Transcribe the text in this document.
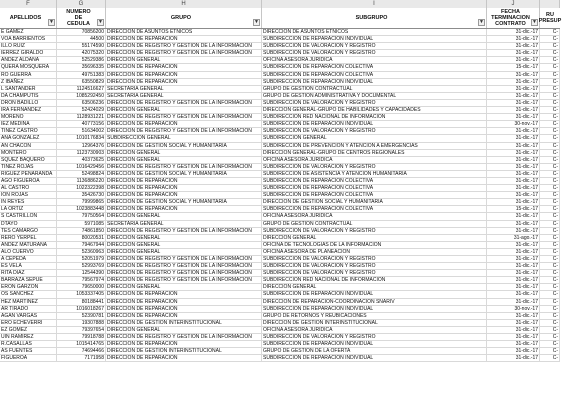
F	G	H	I	J
APELLIDOS
▼
NUMERO
DE
CEDULA	▼
GRUPO
▼
SUBGRUPO
▼
FECHA
TERMINACION
CONTRATO	▼
RU
PRESUP
E GAMEZ	70856200 DIRECCION DE ASUNTOS ETNICOS	DIRECCION DE ASUNTOS ETNICOS	31-dic.-17	C-
VOA BARRIENTOS	44500 DIRECCION DE REPARACION	SUBDIRECCION DE REPARACION INDIVIDUAL	31-dic.-17	C-
ILLO RUIZ	55174590 DIRECCION DE REGISTRO Y GESTION DE LA INFORMACION	SUBDIRECCION DE VALORACION Y REGISTRO	31-dic.-17	C-
IERREZ GIRALDO	42075320 DIRECCION DE REGISTRO Y GESTION DE LA INFORMACION	SUBDIRECCION DE VALORACION Y REGISTRO	31-dic.-17	C-
ANDEZ ALDANA	52529386 DIRECCION GENERAL	OFICINA ASESORA JURIDICA	31-dic.-17	C-
QUERA MOSQUERA	35696335 DIRECCION DE REPARACION	SUBDIRECCION DE REPARACION COLECTIVA	15-dic.-17	C-
RO GUERRA	49751383 DIRECCION DE REPARACION	SUBDIRECCION DE REPARACION COLECTIVA	31-dic.-17	C-
Z IBAÑEZ	63550829 DIRECCION DE REPARACION	SUBDIRECCION DE REPARACION INDIVIDUAL	31-dic.-17	C-
L SANTANDER	1124516627 SECRETARIA GENERAL	GRUPO DE GESTION CONTRACTUAL	31-dic.-17	C-
DA CHAMPUTIS	1085292450 SECRETARIA GENERAL	GRUPO DE GESTION ADMINISTRATIVA Y DOCUMENTAL	31-dic.-17	C-
DRON BADILLO	63506236 DIRECCION DE REGISTRO Y GESTION DE LA INFORMACION	SUBDIRECCION DE VALORACION Y REGISTRO	31-dic.-17	C-
IRA FERNANDEZ	52424029 DIRECCION GENERAL	DIRECCION GENERAL-GRUPO DE HABILIDADES Y CAPACIDADES	31-dic.-17	C-
MORENO	1128931221 DIRECCION DE REGISTRO Y GESTION DE LA INFORMACION	SUBDIRECCION RED NACIONAL DE INFORMACION	31-dic.-17	C-
IEZ MEDINA	40773156 DIRECCION DE REPARACION	SUBDIRECCION DE REPARACION INDIVIDUAL	30-nov.-17	C-
TINEZ CASTRO	51634002 DIRECCION DE REGISTRO Y GESTION DE LA INFORMACION	SUBDIRECCION DE VALORACION Y REGISTRO	31-dic.-17	C-
ANA GONZALEZ	1010176834 SUBDIRECCION GENERAL	SUBDIRECCION GENERAL	31-dic.-17	C-
AN CHACON	12964376 DIRECCION DE GESTION SOCIAL Y HUMANITARIA	SUBDIRECCION DE PREVENCION Y ATENCION A EMERGENCIAS	31-dic.-17	C-
MONTERO	1123730903 DIRECCION GENERAL	DIRECCION GENERAL-GRUPO DE CENTROS REGIONALES	31-dic.-17	C-
SQUEZ BAQUERO	40373625 DIRECCION GENERAL	OFICINA ASESORA JURIDICA	31-dic.-17	C-
TINEZ ROJAS	1016429456 DIRECCION DE REGISTRO Y GESTION DE LA INFORMACION	SUBDIRECCION DE VALORACION Y REGISTRO	31-dic.-17	C-
RIGUEZ PENARANDA	52498824 DIRECCION DE GESTION SOCIAL Y HUMANITARIA	SUBDIRECCION DE ASISTENCIA Y ATENCION HUMANITARIA	31-dic.-17	C-
AGO FIGUEROA	1136886220 DIRECCION DE REPARACION	SUBDIRECCION DE REPARACION COLECTIVA	31-dic.-17	C-
AL CASTRO	1022322398 DIRECCION DE REPARACION	SUBDIRECCION DE REPARACION COLECTIVA	31-dic.-17	C-
ION ROJAS	35426730 DIRECCION DE REPARACION	SUBDIRECCION DE REPARACION COLECTIVA	31-dic.-17	C-
IN REYES	79999865 DIRECCION DE GESTION SOCIAL Y HUMANITARIA	DIRECCION DE GESTION SOCIAL Y HUMANITARIA	31-dic.-17	C-
LA ORTIZ	1023883448 DIRECCION DE REPARACION	SUBDIRECCION DE REPARACION COLECTIVA	15-dic.-17	C-
S CASTRILLON	79750564 DIRECCION GENERAL	OFICINA ASESORA JURIDICA	31-dic.-17	C-
DTAYO	5971085 SECRETARIA GENERAL	GRUPO DE GESTION CONTRACTUAL	31-dic.-17	C-
TES CAMARGO	74861850 DIRECCION DE REGISTRO Y GESTION DE LA INFORMACION	SUBDIRECCION DE VALORACION Y REGISTRO	31-dic.-17	C-
RERO YERPEL	80020531 DIRECCION GENERAL	DIRECCION GENERAL	31-ago.-17	C-
ANDEZ MATURANA	79467944 DIRECCION GENERAL	OFICINA DE TECNOLOGIAS DE LA INFORMACION	31-dic.-17	C-
ALO CUERVO	52360963 DIRECCION GENERAL	OFICINA ASESORA DE PLANEACION	31-dic.-17	C-
A CEPEDA	52051979 DIRECCION DE REGISTRO Y GESTION DE LA INFORMACION	SUBDIRECCION DE VALORACION Y REGISTRO	31-dic.-17	C-
ES VELA	52993769 DIRECCION DE REGISTRO Y GESTION DE LA INFORMACION	SUBDIRECCION DE VALORACION Y REGISTRO	31-dic.-17	C-
RITA DIAZ	12544390 DIRECCION DE REGISTRO Y GESTION DE LA INFORMACION	SUBDIRECCION DE VALORACION Y REGISTRO	31-dic.-17	C-
BARRAZA SEPUE	79567974 DIRECCION DE REGISTRO Y GESTION DE LA INFORMACION	SUBDIRECCION RED NACIONAL DE INFORMACION	31-dic.-17	C-
ERON GARZON	79650000 DIRECCION GENERAL	DIRECCION GENERAL	31-dic.-17	C-
OS SANCHEZ	1053337405 DIRECCION DE REPARACION	SUBDIRECCION DE REPARACION INDIVIDUAL	31-dic.-17	C-
HEZ MARTINEZ	80188441 DIRECCION DE REPARACION	DIRECCION DE REPARACION-COORDINACION SNARIV	31-dic.-17	C-
AR TIRADO	1016018267 DIRECCION DE REPARACION	SUBDIRECCION DE REPARACION INDIVIDUAL	30-nov.-17	C-
AGAN VARGAS	52390781 DIRECCION DE REPARACION	GRUPO DE RETORNOS Y REUBICACIONES	31-dic.-17	C-
ERO ECHEVERRI	19307888 DIRECCION DE GESTION INTERINSTITUCIONAL	DIRECCION DE GESTION INTERINSTITUCIONAL	31-dic.-17	C-
EZ GOMEZ	79397654 DIRECCION GENERAL	OFICINA ASESORA JURIDICA	31-dic.-17	C-
UIN RAMIREZ	79918788 DIRECCION DE REGISTRO Y GESTION DE LA INFORMACION	SUBDIRECCION DE VALORACION Y REGISTRO	31-dic.-17	C-
R.CASALLAS	1015414765 DIRECCION DE REPARACION	SUBDIRECCION DE REPARACION INDIVIDUAL	31-dic.-17	C-
AS FUENTES	74694466 DIRECCION DE GESTION INTERINSTITUCIONAL	GRUPO DE GESTION DE LA OFERTA	31-dic.-17	C-
FIGUEROA	7171958 DIRECCION DE REPARACION	SUBDIRECCION DE REPARACION INDIVIDUAL	31-dic.-17	C-
